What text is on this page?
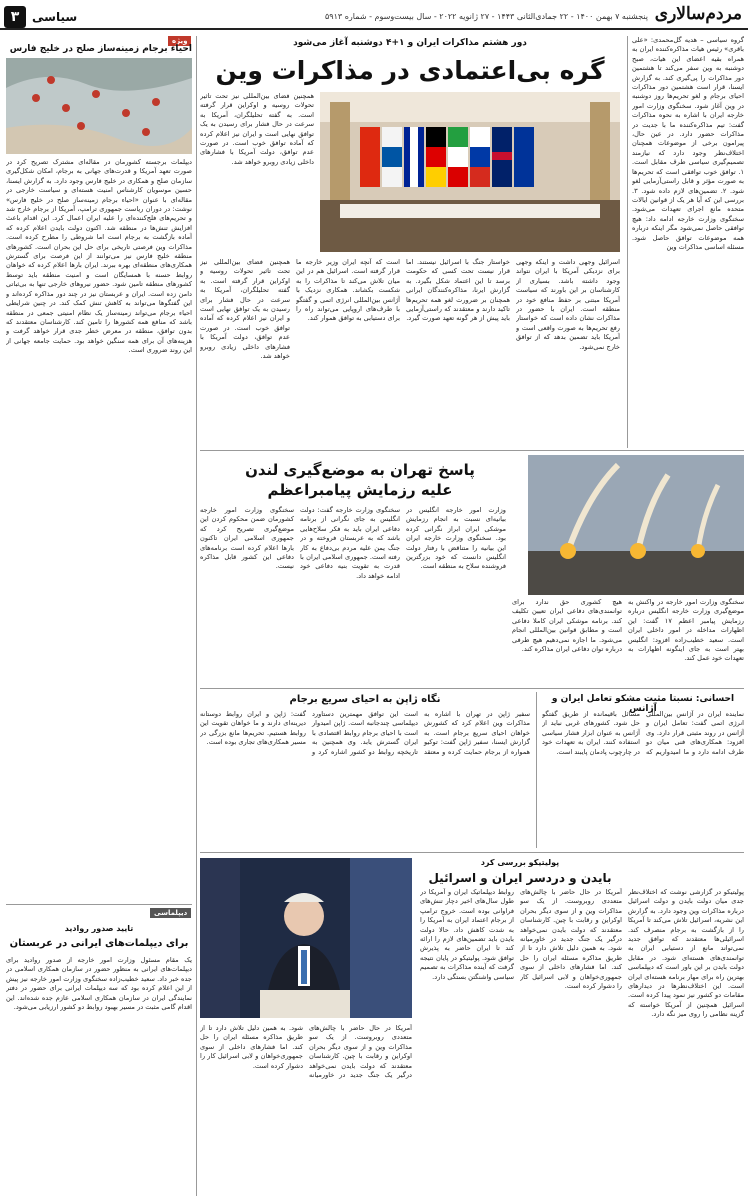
۳	سیاسی	پنجشنبه ۷ بهمن ۱۴۰۰ - ۲۲ جمادی‌الثانی ۱۴۴۳ - ۲۷ ژانویه ۲۰۲۲ - سال بیست‌وسوم - شماره ۵۹۱۳ مردم‌سالاری
دور هشتم مذاکرات ایران و ۱+۴ دوشنبه آغاز می‌شود
گره بی‌اعتمادی در مذاکرات وین
گروه سیاسی – هدیه گل‌محمدی: «علی باقری» رئیس هیات مذاکره‌کننده ایران به همراه بقیه اعضای این هیات، صبح دوشنبه به وین سفر می‌کند تا هشتمین دور مذاکرات را پی‌گیری کند. به گزارش ایسنا، قرار است هشتمین دور مذاکرات احیای برجام و لغو تحریم‌ها روز دوشنبه در وین آغاز شود. سخنگوی وزارت امور خارجه ایران با اشاره به نحوه مذاکرات گفت: تیم مذاکره‌کننده ما با جدیت در مذاکرات حضور دارد. در عین حال، پیرامون برخی از موضوعات همچنان اختلاف‌نظر وجود دارد که نیازمند تصمیم‌گیری سیاسی طرف مقابل است. ۱. توافق خوب توافقی است که تحریم‌ها به صورت مؤثر و قابل راستی‌آزمایی لغو شود. ۲. تضمین‌های لازم داده شود. ۳. بررسی این که آیا هر یک از قوانین ایالات متحده مانع اجرای تعهدات می‌شود. سخنگوی وزارت خارجه ادامه داد: هیچ توافقی حاصل نمی‌شود مگر اینکه درباره همه موضوعات توافق حاصل شود. مسئله اساسی مذاکرات وین
همچنین فضای بین‌المللی نیز تحت تاثیر تحولات روسیه و اوکراین قرار گرفته است. به گفته تحلیلگران، آمریکا به سرعت در حال فشار برای رسیدن به یک توافق نهایی است و ایران نیز اعلام کرده که آماده توافق خوب است. در صورت عدم توافق، دولت آمریکا با فشارهای داخلی زیادی روبرو خواهد شد.
اسرائیل وجهی داشت و اینکه وجهی برای نزدیکی آمریکا با ایران نتواند وجود داشته باشد. بسیاری از کارشناسان بر این باورند که سیاست آمریکا مبتنی بر حفظ منافع خود در منطقه است. ایران با حضور در مذاکرات نشان داده است که خواستار رفع تحریم‌ها به صورت واقعی است و آمریکا باید تضمین بدهد که از توافق خارج نمی‌شود.
خواستار جنگ با اسرائیل نیستند. اما قرار نیست تحت کسی که حکومت برسد تا این اعتماد شکل بگیرد. به گزارش ایرنا، مذاکره‌کنندگان ایرانی همچنان بر ضرورت لغو همه تحریم‌ها تاکید دارند و معتقدند که راستی‌آزمایی باید پیش از هر گونه تعهد صورت گیرد.
است که آنچه ایران وزیر خارجه ما قرار گرفته است. اسرائیل هم در این میان تلاش می‌کند تا مذاکرات را به شکست بکشاند. همکاری نزدیک با آژانس بین‌المللی انرژی اتمی و گفتگو با طرف‌های اروپایی می‌تواند راه را برای دستیابی به توافق هموار کند.
همچنین فضای بین‌المللی نیز تحت تاثیر تحولات روسیه و اوکراین قرار گرفته است. به گفته تحلیلگران، آمریکا به سرعت در حال فشار برای رسیدن به یک توافق نهایی است و ایران نیز اعلام کرده که آماده توافق خوب است. در صورت عدم توافق، دولت آمریکا با فشارهای داخلی زیادی روبرو خواهد شد.
ویژه
احیاء برجام زمینه‌ساز صلح در خلیج فارس
دیپلمات برجسته کشورمان در مقاله‌ای مشترک تصریح کرد در صورت تعهد آمریکا و قدرت‌های جهانی به برجام، امکان شکل‌گیری سازمان صلح و همکاری در خلیج فارس وجود دارد. به گزارش ایسنا، حسین موسویان کارشناس امنیت هسته‌ای و سیاست خارجی در مقاله‌ای با عنوان «احیاء برجام زمینه‌ساز صلح در خلیج فارس» نوشت: در دوران ریاست جمهوری ترامپ، آمریکا از برجام خارج شد و تحریم‌های فلج‌کننده‌ای را علیه ایران اعمال کرد. این اقدام باعث افزایش تنش‌ها در منطقه شد. اکنون دولت بایدن اعلام کرده که آماده بازگشت به برجام است اما شروطی را مطرح کرده است. مذاکرات وین فرصتی تاریخی برای حل این بحران است. کشورهای منطقه خلیج فارس نیز می‌توانند از این فرصت برای گسترش همکاری‌های منطقه‌ای بهره ببرند. ایران بارها اعلام کرده که خواهان روابط حسنه با همسایگان است و امنیت منطقه باید توسط کشورهای منطقه تامین شود. حضور نیروهای خارجی تنها به بی‌ثباتی دامن زده است. ایران و عربستان نیز در چند دور مذاکره کرده‌اند و این گفتگوها می‌تواند به کاهش تنش کمک کند. در چنین شرایطی احیاء برجام می‌تواند زمینه‌ساز یک نظام امنیتی جمعی در منطقه باشد که منافع همه کشورها را تامین کند. کارشناسان معتقدند که بدون توافق، منطقه در معرض خطر جدی قرار خواهد گرفت و هزینه‌های آن برای همه سنگین خواهد بود. حمایت جامعه جهانی از این روند ضروری است.
دیپلماسی
تایید صدور روادید
برای دیپلمات‌های ایرانی در عربستان
یک مقام مسئول وزارت امور خارجه از صدور روادید برای دیپلمات‌های ایرانی به منظور حضور در سازمان همکاری اسلامی در جده خبر داد. سعید خطیب‌زاده سخنگوی وزارت امور خارجه نیز پیش از این اعلام کرده بود که سه دیپلمات ایرانی برای حضور در دفتر نمایندگی ایران در سازمان همکاری اسلامی عازم جده شده‌اند. این اقدام گامی مثبت در مسیر بهبود روابط دو کشور ارزیابی می‌شود.
پاسخ تهران به موضع‌گیری لندن
علیه رزمایش پیامبراعظم
سخنگوی وزارت امور خارجه در واکنش به موضع‌گیری وزارت خارجه انگلیس درباره رزمایش پیامبر اعظم ۱۷ گفت: این اظهارات مداخله در امور داخلی ایران است. سعید خطیب‌زاده افزود: انگلیس بهتر است به جای اینگونه اظهارات به تعهدات خود عمل کند.
هیچ کشوری حق ندارد برای توانمندی‌های دفاعی ایران تعیین تکلیف کند. برنامه موشکی ایران کاملا دفاعی است و مطابق قوانین بین‌المللی انجام می‌شود. ما اجازه نمی‌دهیم هیچ طرفی درباره توان دفاعی ایران مذاکره کند.
وزارت امور خارجه انگلیس در بیانیه‌ای نسبت به انجام رزمایش موشکی ایران ابراز نگرانی کرده بود. سخنگوی وزارت خارجه ایران این بیانیه را متناقض با رفتار دولت انگلیس دانست که خود بزرگترین فروشنده سلاح به منطقه است.
سخنگوی وزارت خارجه گفت: دولت انگلیس به جای نگرانی از برنامه دفاعی ایران باید به فکر سلاح‌هایی باشد که به عربستان فروخته و در جنگ یمن علیه مردم بی‌دفاع به کار رفته است. جمهوری اسلامی ایران با قدرت به تقویت بنیه دفاعی خود ادامه خواهد داد.
سخنگوی وزارت امور خارجه کشورمان ضمن محکوم کردن این موضع‌گیری تصریح کرد که جمهوری اسلامی ایران تاکنون بارها اعلام کرده است برنامه‌های دفاعی این کشور قابل مذاکره نیست.
نگاه ژاپن به احیای سریع برجام
سفیر ژاپن در تهران با اشاره به مذاکرات وین اعلام کرد که کشورش خواهان احیای سریع برجام است. به گزارش ایسنا، سفیر ژاپن گفت: توکیو همواره از برجام حمایت کرده و معتقد است این توافق مهمترین دستاورد دیپلماسی چندجانبه است. ژاپن امیدوار است با احیای برجام روابط اقتصادی با ایران گسترش یابد. وی همچنین به تاریخچه روابط دو کشور اشاره کرد و گفت: ژاپن و ایران روابط دوستانه دیرینه‌ای دارند و ما خواهان تقویت این روابط هستیم. تحریم‌ها مانع بزرگی در مسیر همکاری‌های تجاری بوده است.
احسانی: نسبتا مثبت مشکو تعامل ایران و آژانس
نماینده ایران در آژانس بین‌المللی انرژی اتمی گفت: تعامل ایران و آژانس در روند مثبتی قرار دارد. وی افزود: همکاری‌های فنی میان دو طرف ادامه دارد و ما امیدواریم که مسائل باقیمانده از طریق گفتگو حل شود. کشورهای غربی نباید از آژانس به عنوان ابزار فشار سیاسی استفاده کنند. ایران به تعهدات خود در چارچوب پادمان پایبند است.
پولیتیکو بررسی کرد
بایدن و دردسر ایران و اسرائیل
پولیتیکو در گزارشی نوشت که اختلاف‌نظر جدی میان دولت بایدن و دولت اسرائیل درباره مذاکرات وین وجود دارد. به گزارش این نشریه، اسرائیل تلاش می‌کند تا آمریکا را از بازگشت به برجام منصرف کند. اسرائیلی‌ها معتقدند که توافق جدید نمی‌تواند مانع از دستیابی ایران به توانمندی‌های هسته‌ای شود. در مقابل دولت بایدن بر این باور است که دیپلماسی بهترین راه برای مهار برنامه هسته‌ای ایران است. این اختلاف‌نظرها در دیدارهای مقامات دو کشور نیز نمود پیدا کرده است. اسرائیل همچنین از آمریکا خواسته که گزینه نظامی را روی میز نگه دارد.
آمریکا در حال حاضر با چالش‌های متعددی روبروست. از یک سو مذاکرات وین و از سوی دیگر بحران اوکراین و رقابت با چین. کارشناسان معتقدند که دولت بایدن نمی‌خواهد درگیر یک جنگ جدید در خاورمیانه شود. به همین دلیل تلاش دارد تا از طریق مذاکره مسئله ایران را حل کند. اما فشارهای داخلی از سوی جمهوری‌خواهان و لابی اسرائیل کار را دشوار کرده است.
روابط دیپلماتیک ایران و آمریکا در طول سال‌های اخیر دچار تنش‌های فراوانی بوده است. خروج ترامپ از برجام اعتماد ایران به آمریکا را به شدت کاهش داد. حالا دولت بایدن باید تضمین‌های لازم را ارائه کند تا ایران حاضر به پذیرش توافق شود. پولیتیکو در پایان نتیجه گرفت که آینده مذاکرات به تصمیم سیاسی واشنگتن بستگی دارد.
آمریکا در حال حاضر با چالش‌های متعددی روبروست. از یک سو مذاکرات وین و از سوی دیگر بحران اوکراین و رقابت با چین. کارشناسان معتقدند که دولت بایدن نمی‌خواهد درگیر یک جنگ جدید در خاورمیانه شود. به همین دلیل تلاش دارد تا از طریق مذاکره مسئله ایران را حل کند. اما فشارهای داخلی از سوی جمهوری‌خواهان و لابی اسرائیل کار را دشوار کرده است.
